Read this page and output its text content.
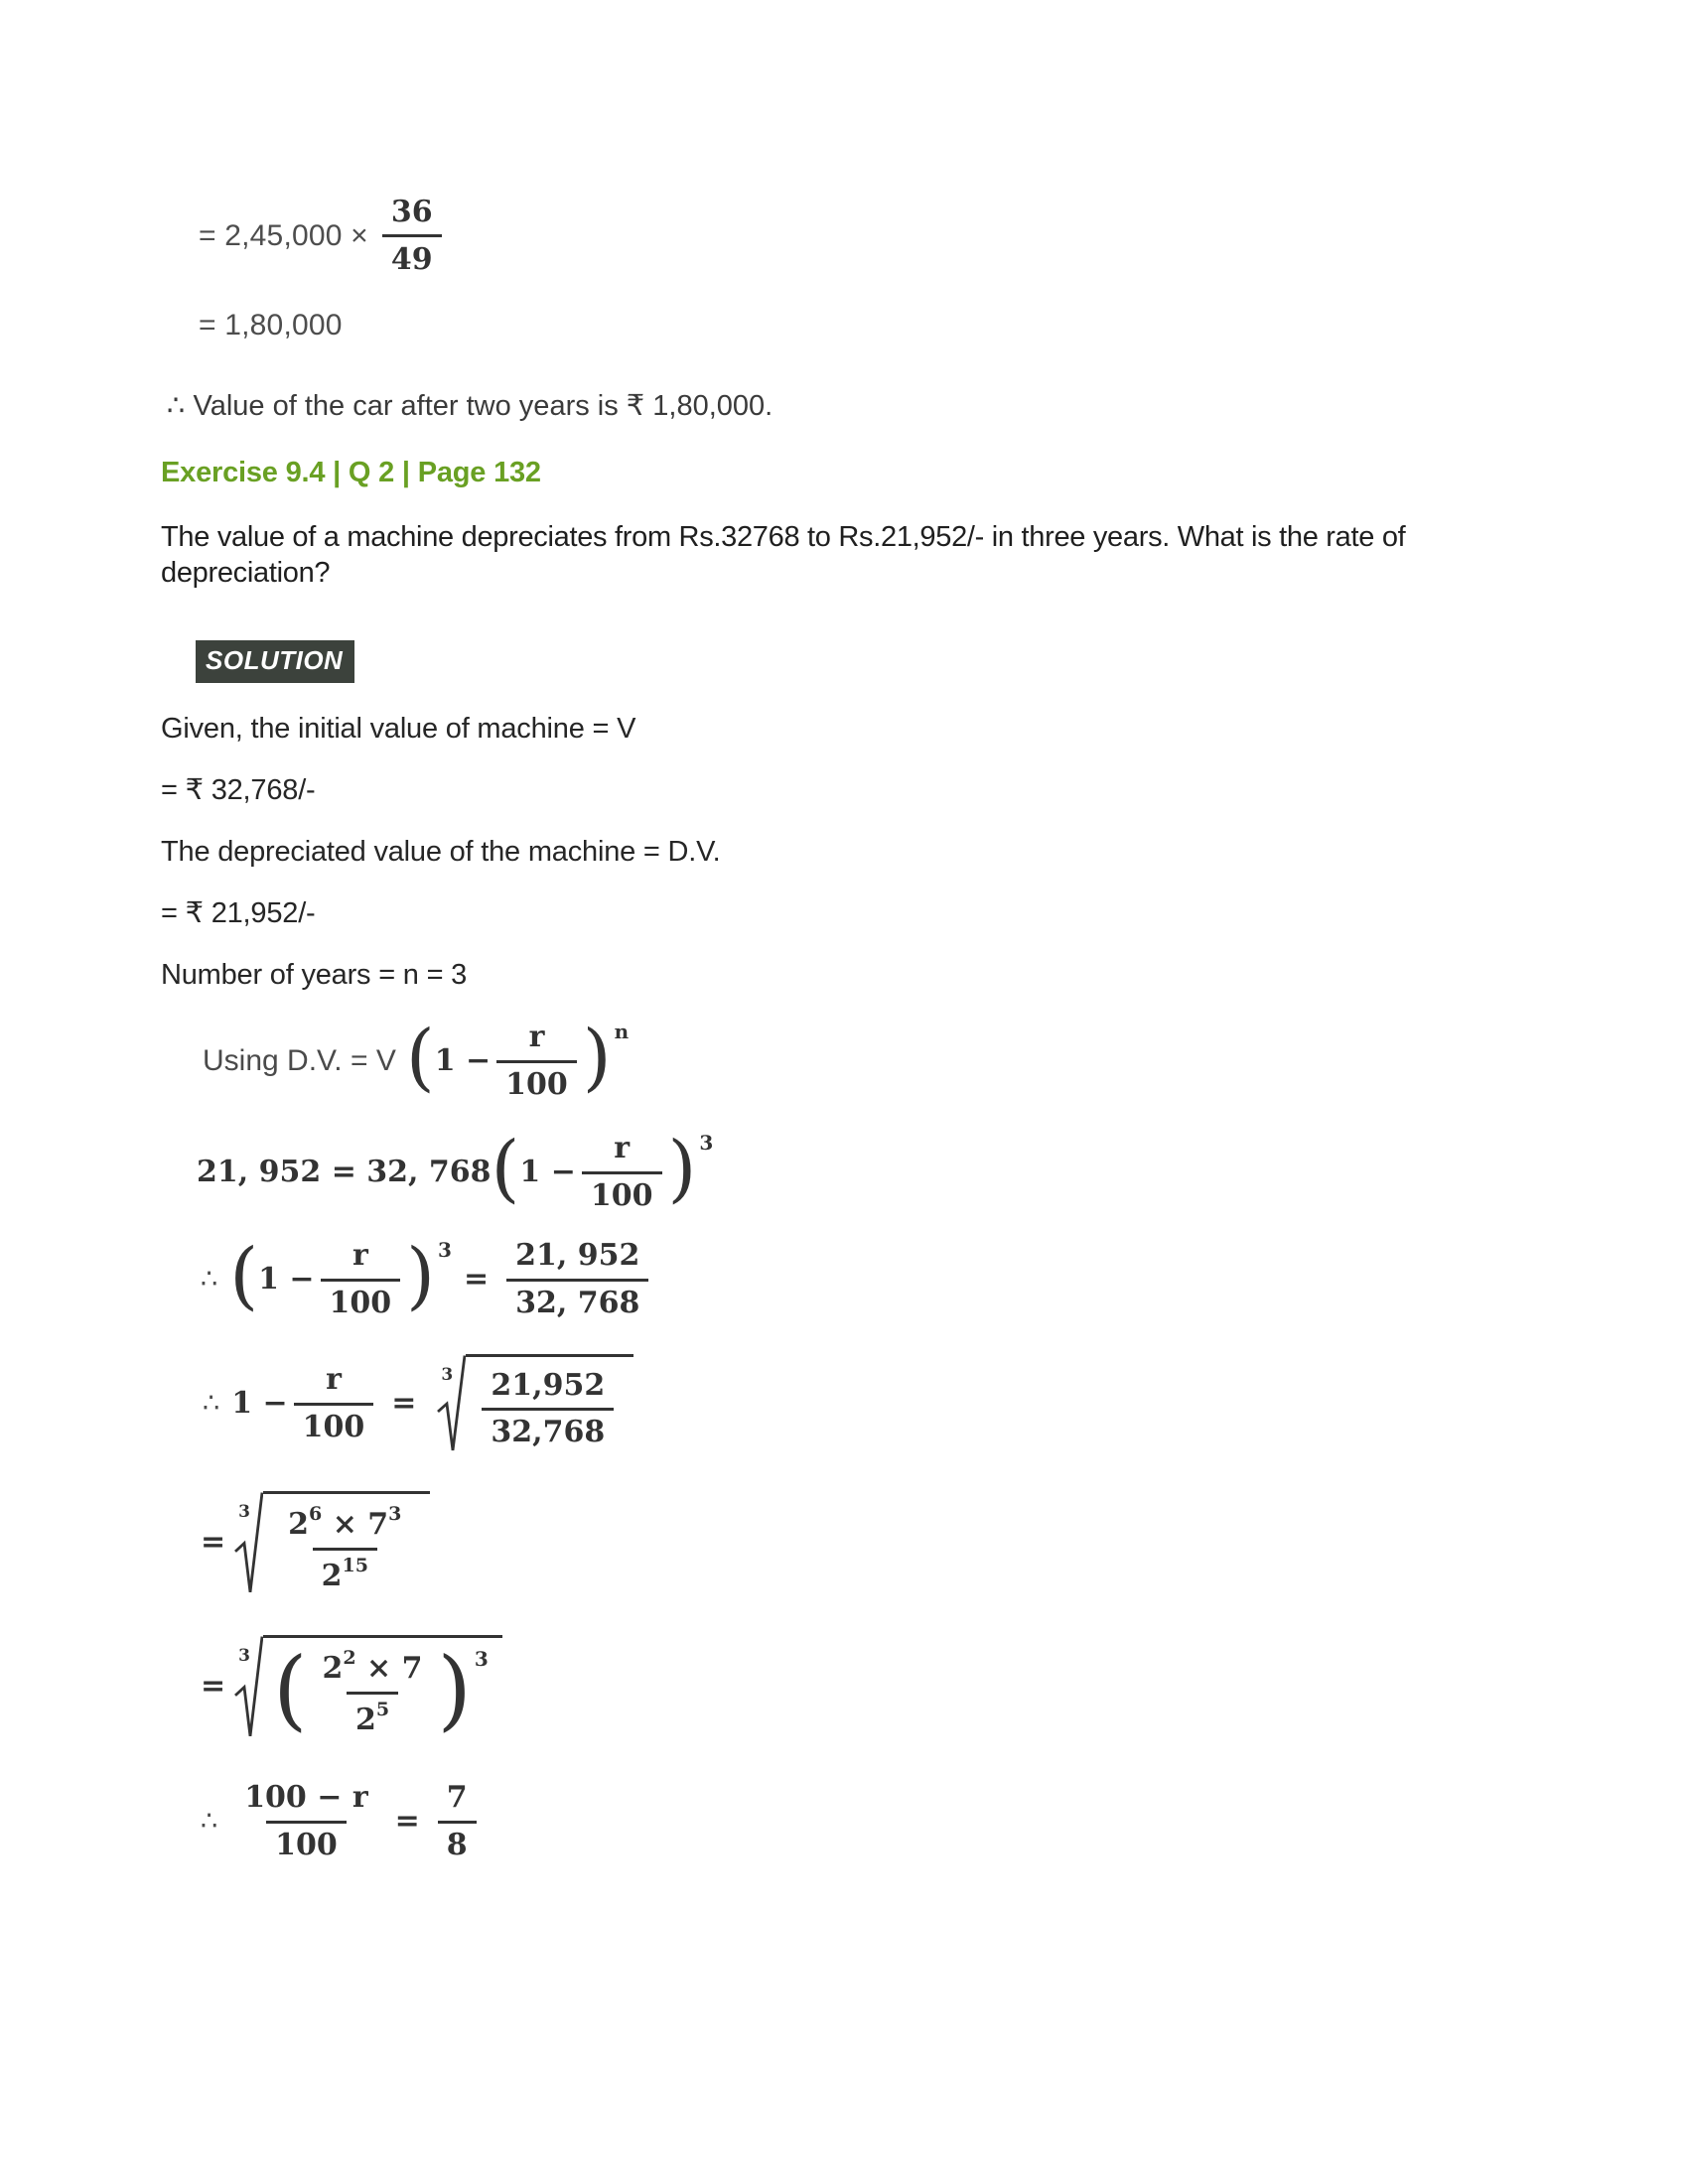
= $2,45,000 \times \frac{36}{49}$
= 1,80,000
∴ Value of the car after two years is ₹ 1,80,000.
Exercise 9.4 | Q 2 | Page 132
The value of a machine depreciates from Rs.32768 to Rs.21,952/- in three years. What is the rate of depreciation?
SOLUTION
Given, the initial value of machine = V
= ₹ 32,768/-
The depreciated value of the machine = D.V.
= ₹ 21,952/-
Number of years = n = 3
Using D.V. = V ( $1 - \frac{r}{100}$ ) n
21, 952 = 32, 768 ( $1 - \frac{r}{100}$ ) 3
∴ ( $1 - \frac{r}{100}$ ) 3
= $\frac{21, 952}{32, 768}$
∴ $1 - \frac{r}{100}$ =
$3 \frac{21,952}{32,768}$
=
$3 \frac{2^6 \times 7^3}{2^{15}}$
=
3 ( $\frac{2^2 \times 7}{2^5}$ ) 3
∴ $\frac{100 - r}{100} = \frac{7}{8}$
